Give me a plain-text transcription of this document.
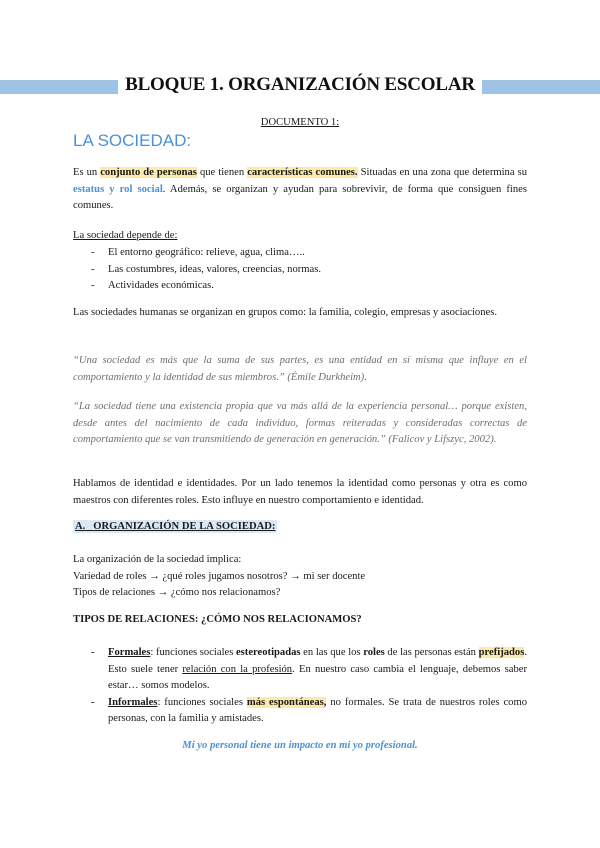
BLOQUE 1. ORGANIZACIÓN ESCOLAR
DOCUMENTO 1:
LA SOCIEDAD:
Es un conjunto de personas que tienen características comunes. Situadas en una zona que determina su estatus y rol social. Además, se organizan y ayudan para sobrevivir, de forma que consiguen fines comunes.
La sociedad depende de:
- El entorno geográfico: relieve, agua, clima…..
- Las costumbres, ideas, valores, creencias, normas.
- Actividades económicas.
Las sociedades humanas se organizan en grupos como: la familia, colegio, empresas y asociaciones.
“Una sociedad es más que la suma de sus partes, es una entidad en sí misma que influye en el comportamiento y la identidad de sus miembros.” (Émile Durkheim).
“La sociedad tiene una existencia propia que va más allá de la experiencia personal… porque existen, desde antes del nacimiento de cada individuo, formas reiteradas y consideradas correctas de comportamiento que se van transmitiendo de generación en generación.” (Falicov y Lifszyc, 2002).
Hablamos de identidad e identidades. Por un lado tenemos la identidad como personas y otra es como maestros con diferentes roles. Esto influye en nuestro comportamiento e identidad.
A. ORGANIZACIÓN DE LA SOCIEDAD:
La organización de la sociedad implica:
Variedad de roles → ¿qué roles jugamos nosotros? → mi ser docente
Tipos de relaciones → ¿cómo nos relacionamos?
TIPOS DE RELACIONES: ¿CÓMO NOS RELACIONAMOS?
- Formales: funciones sociales estereotipadas en las que los roles de las personas están prefijados. Esto suele tener relación con la profesión. En nuestro caso cambia el lenguaje, debemos saber estar… somos modelos.
- Informales: funciones sociales más espontáneas, no formales. Se trata de nuestros roles como personas, con la familia y amistades.
Mi yo personal tiene un impacto en mi yo profesional.
